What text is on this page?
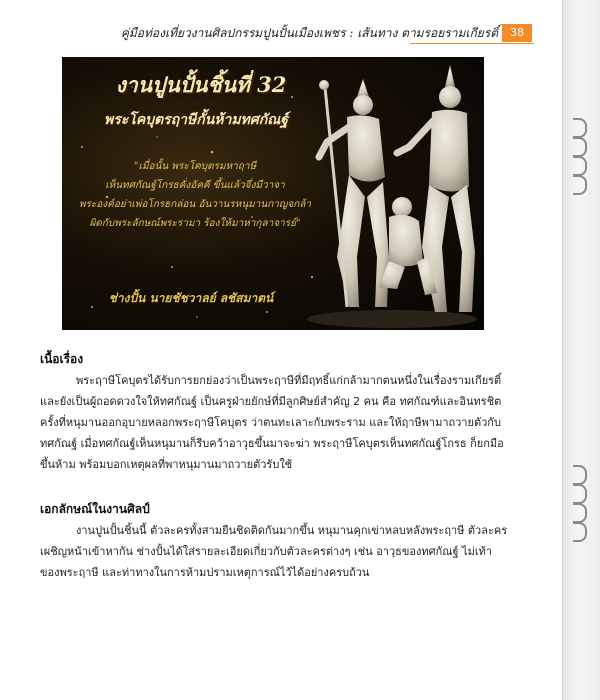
คู่มือท่องเที่ยวงานศิลปกรรมปูนปั้นเมืองเพชร : เส้นทาง ตามรอยรามเกียรติ์	38
งานปูนปั้นชิ้นที่ 32
พระโคบุตรฤาษีกั้นห้ามทศกัณฐ์
"เมื่อนั้น พระโคบุตรมหาฤาษี
เห็นทศกัณฐ์โกรธคั่งอัคคี ขึ้นแล้วจึ่งมีวาจา
พระองค์อย่าเพ่อโกรธกล่อน อันวานรหนุมานกาญจกล้า
ผิดกับพระลักษณ์พระรามา ร้องให้มาหากุลาจารย์"
ช่างปั้น นายชัชวาลย์ ลชัสมาตน์
เนื้อเรื่อง
พระฤาษีโคบุตรได้รับการยกย่องว่าเป็นพระฤาษีที่มีฤทธิ์แก่กล้ามากตนหนึ่งในเรื่องรามเกียรติ์ และยังเป็นผู้ถอดดวงใจให้ทศกัณฐ์ เป็นครูฝ่ายยักษ์ที่มีลูกศิษย์สำคัญ 2 คน คือ ทศกัณฑ์และอินทรชิต ครั้งที่หนุมานออกอุบายหลอกพระฤาษีโคบุตร ว่าตนทะเลาะกับพระราม และให้ฤาษีพามาถวายตัวกับทศกัณฐ์ เมื่อทศกัณฐ์เห็นหนุมานก็รีบคว้าอาวุธขึ้นมาจะฆ่า พระฤาษีโคบุตรเห็นทศกัณฐ์โกรธ ก็ยกมือขึ้นห้าม พร้อมบอกเหตุผลที่พาหนุมานมาถวายตัวรับใช้
เอกลักษณ์ในงานศิลป์
งานปูนปั้นชิ้นนี้ ตัวละครทั้งสามยืนชิดติดกันมากขึ้น หนุมานคุกเข่าหลบหลังพระฤาษี ตัวละครเผชิญหน้าเข้าหากัน ช่างปั้นได้ใส่รายละเอียดเกี่ยวกับตัวละครต่างๆ เช่น อาวุธของทศกัณฐ์ ไม่เท้าของพระฤาษี และท่าทางในการห้ามปรามเหตุการณ์ไว้ได้อย่างครบถ้วน
